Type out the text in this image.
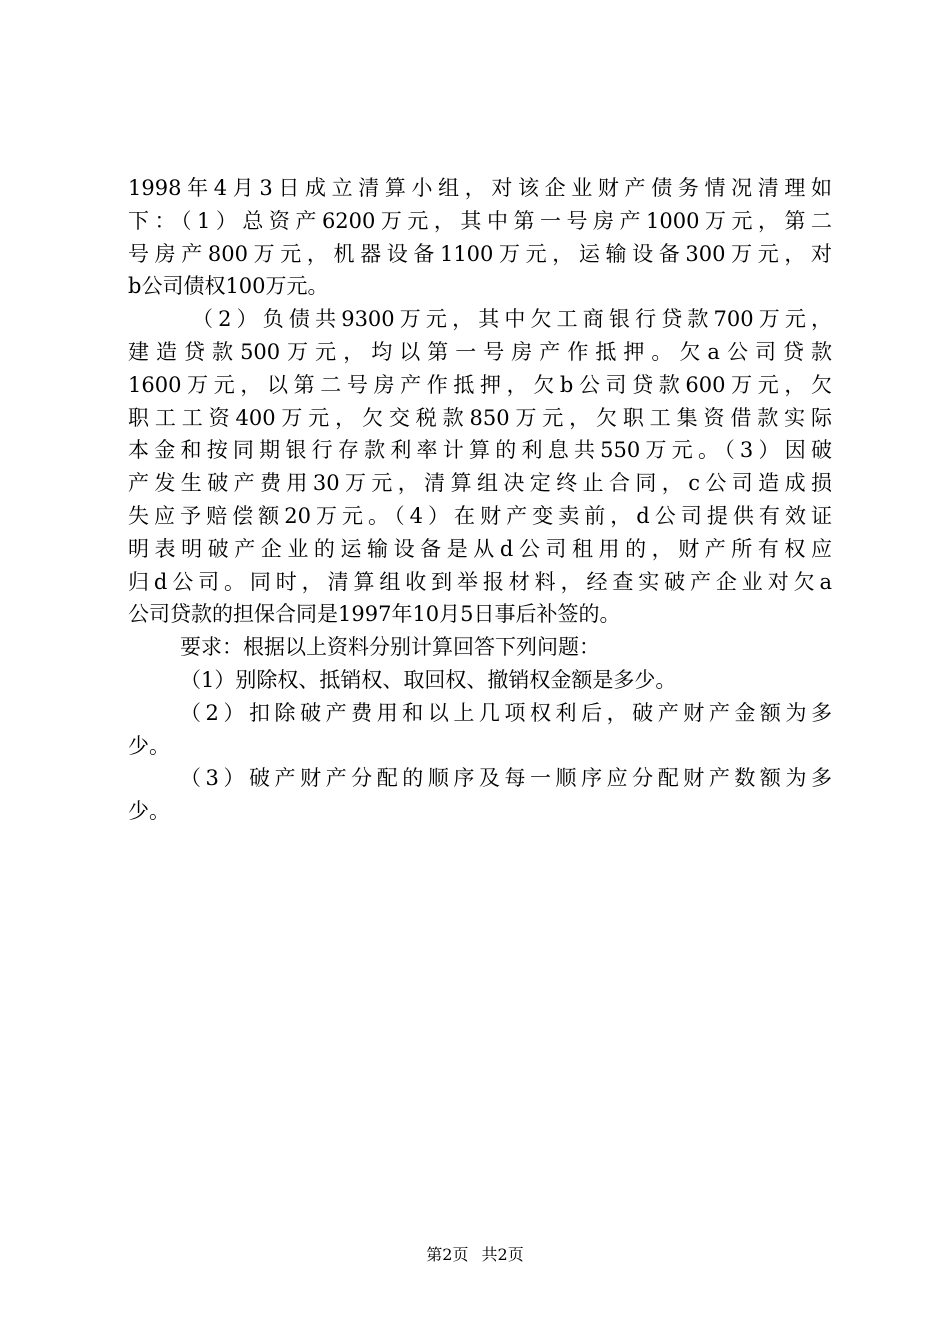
1998年4月3日成立清算小组，对该企业财产债务情况清理如
下：（1）总资产6200万元，其中第一号房产1000万元，第二
号房产800万元，机器设备1100万元，运输设备300万元，对
b公司债权100万元。
（2）负债共9300万元，其中欠工商银行贷款700万元，
建造贷款500万元，均以第一号房产作抵押。欠a公司贷款
1600万元，以第二号房产作抵押，欠b公司贷款600万元，欠
职工工资400万元，欠交税款850万元，欠职工集资借款实际
本金和按同期银行存款利率计算的利息共550万元。（3）因破
产发生破产费用30万元，清算组决定终止合同，c公司造成损
失应予赔偿额20万元。（4）在财产变卖前，d公司提供有效证
明表明破产企业的运输设备是从d公司租用的，财产所有权应
归d公司。同时，清算组收到举报材料，经查实破产企业对欠a
公司贷款的担保合同是1997年10月5日事后补签的。
要求：根据以上资料分别计算回答下列问题：
（1）别除权、抵销权、取回权、撤销权金额是多少。
（2）扣除破产费用和以上几项权利后，破产财产金额为多
少。
（3）破产财产分配的顺序及每一顺序应分配财产数额为多
少。
第2页 共2页
